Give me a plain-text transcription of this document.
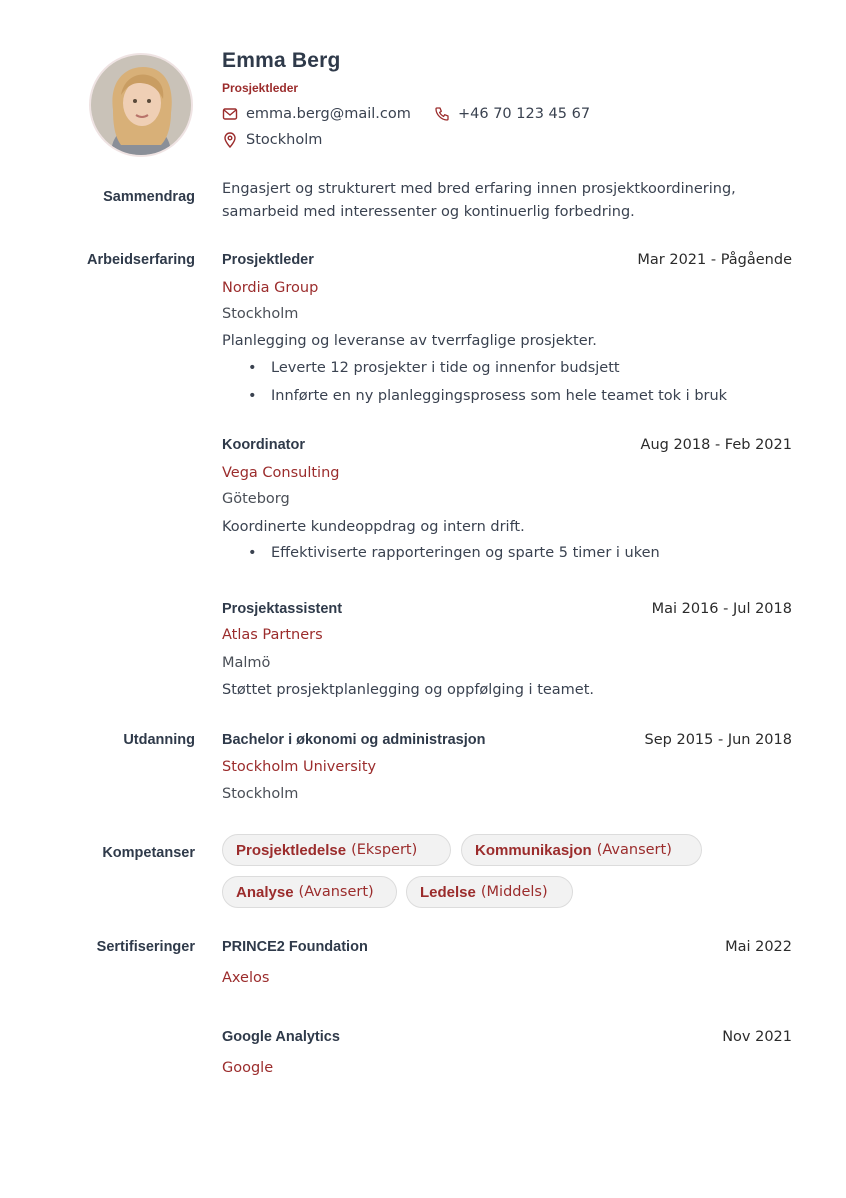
Emma Berg
Prosjektleder
emma.berg@mail.com	+46 70 123 45 67
Stockholm
Sammendrag Engasjert og strukturert med bred erfaring innen prosjektkoordinering, samarbeid med interessenter og kontinuerlig forbedring.
Arbeidserfaring Prosjektleder	Mar 2021 - Pågående
Nordia Group
Stockholm
Planlegging og leveranse av tverrfaglige prosjekter.
• Leverte 12 prosjekter i tide og innenfor budsjett
• Innførte en ny planleggingsprosess som hele teamet tok i bruk
Koordinator	Aug 2018 - Feb 2021
Vega Consulting
Göteborg
Koordinerte kundeoppdrag og intern drift.
• Effektiviserte rapporteringen og sparte 5 timer i uken
Prosjektassistent	Mai 2016 - Jul 2018
Atlas Partners
Malmö
Støttet prosjektplanlegging og oppfølging i teamet.
Utdanning Bachelor i økonomi og administrasjon	Sep 2015 - Jun 2018
Stockholm University
Stockholm
Kompetanser	Prosjektledelse (Ekspert)	Kommunikasjon (Avansert)
Analyse (Avansert)	Ledelse (Middels)
Sertifiseringer PRINCE2 Foundation	Mai 2022
Axelos
Google Analytics	Nov 2021
Google
